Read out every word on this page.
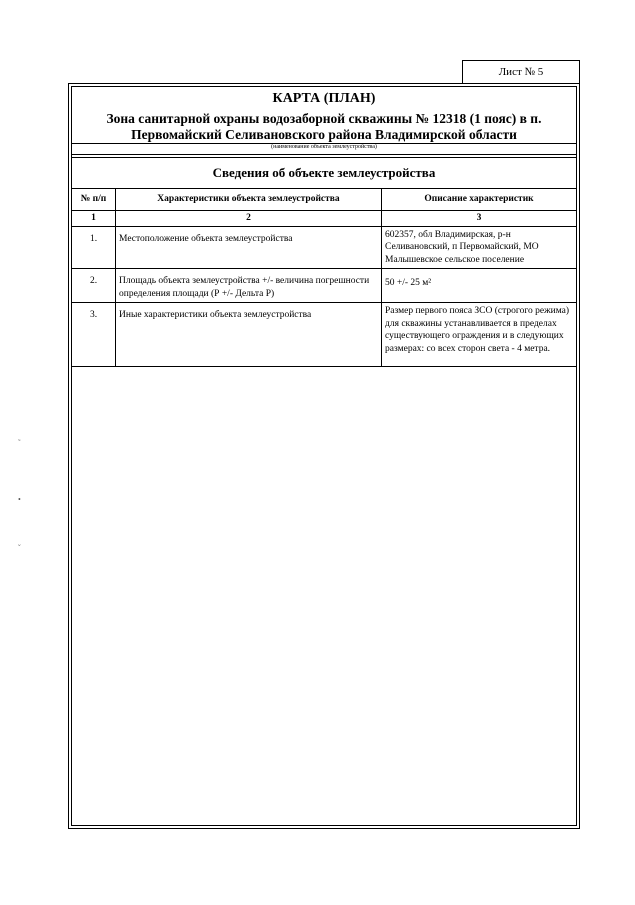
Лист № 5
КАРТА (ПЛАН)
Зона санитарной охраны водозаборной скважины № 12318 (1 пояс) в п.
Первомайский Селивановского района Владимирской области
(наименование объекта землеустройства)
Сведения об объекте землеустройства
№ п/п	Характеристики объекта землеустройства	Описание характеристик
1	2	3
1.	Местоположение объекта землеустройства	602357, обл Владимирская, р-н Селивановский, п Первомайский, МО Малышевское сельское поселение
2.	Площадь объекта землеустройства +/- величина погрешности определения площади (Р +/- Дельта Р)	50 +/- 25 м²
3.	Иные характеристики объекта землеустройства	Размер первого пояса ЗСО (строгого режима) для скважины устанавливается в пределах существующего ограждения и в следующих размерах: со всех сторон света - 4 метра.
˜
•
˘
